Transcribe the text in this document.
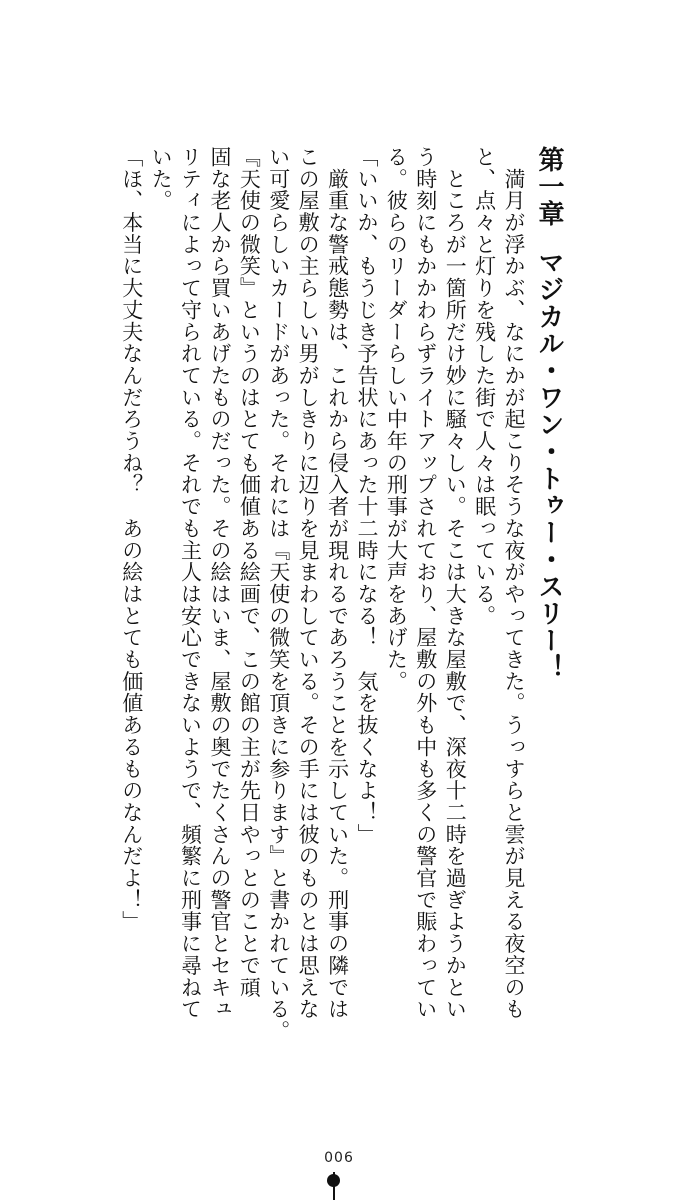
第一章マジカル・ワン・トゥー・スリー！
　満月が浮かぶ、なにかが起こりそうな夜がやってきた。うっすらと雲が見える夜空のも
と、点々と灯りを残した街で人々は眠っている。
　ところが一箇所だけ妙に騒々しい。そこは大きな屋敷で、深夜十二時を過ぎようかとい
う時刻にもかかわらずライトアップされており、屋敷の外も中も多くの警官で賑わってい
る。彼らのリーダーらしい中年の刑事が大声をあげた。
「いいか、もうじき予告状にあった十二時になる！　気を抜くなよ！」
　厳重な警戒態勢は、これから侵入者が現れるであろうことを示していた。刑事の隣では
この屋敷の主らしい男がしきりに辺りを見まわしている。その手には彼のものとは思えな
い可愛らしいカードがあった。それには『天使の微笑を頂きに参ります』と書かれている。
『天使の微笑』というのはとても価値ある絵画で、この館の主が先日やっとのことで頑
固な老人から買いあげたものだった。その絵はいま、屋敷の奥でたくさんの警官とセキュ
リティによって守られている。それでも主人は安心できないようで、頻繁に刑事に尋ねて
いた。
「ほ、本当に大丈夫なんだろうね？　あの絵はとても価値あるものなんだよ！」
006
